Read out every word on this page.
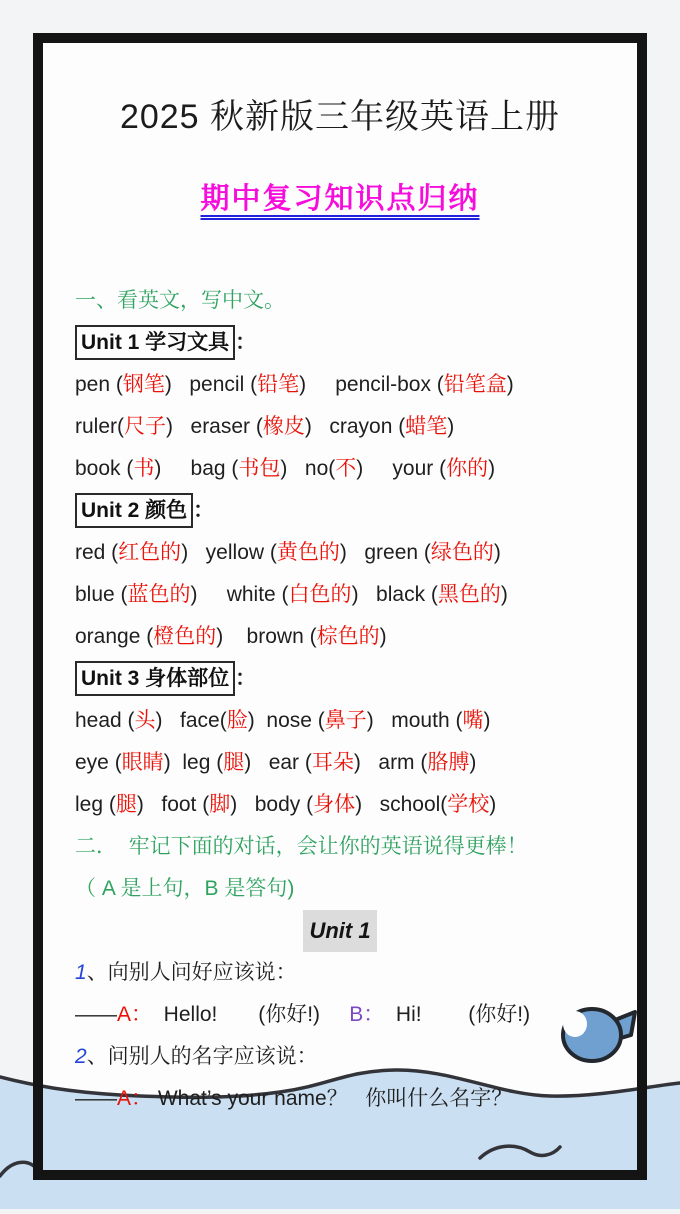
2025 秋新版三年级英语上册
期中复习知识点归纳
一、看英文，写中文。
Unit 1 学习文具 ：
pen (钢笔)   pencil (铅笔)     pencil-box (铅笔盒)
ruler(尺子)   eraser (橡皮)   crayon (蜡笔)
book (书)     bag (书包)   no(不)     your (你的)
Unit 2 颜色 ：
red (红色的)   yellow (黄色的)   green (绿色的)
blue (蓝色的)     white (白色的)   black (黑色的)
orange (橙色的)    brown (棕色的)
Unit 3 身体部位 ：
head (头)   face(脸)  nose (鼻子)   mouth (嘴)
eye (眼睛)  leg (腿)   ear (耳朵)   arm (胳膊)
leg (腿)   foot (脚)   body (身体)   school(学校)
二．  牢记下面的对话，会让你的英语说得更棒！
（ A 是上句，B 是答句)
Unit 1
1、向别人问好应该说：
——A：  Hello!       (你好!)     B：  Hi!        (你好!)
2、问别人的名字应该说：
——A： What’s your name？   你叫什么名字？
